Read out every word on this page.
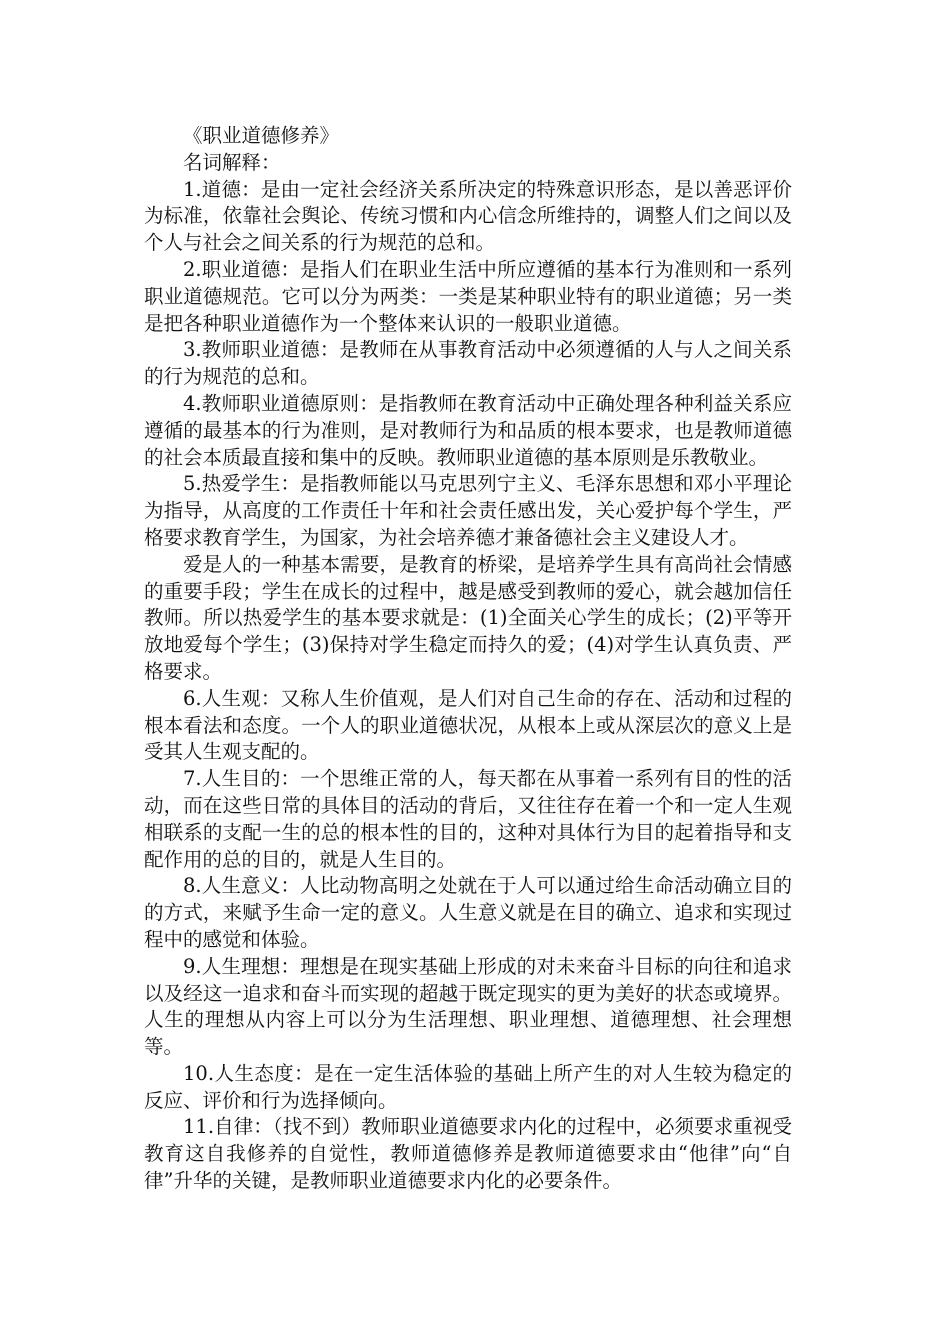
《职业道德修养》

名词解释：

1.道德：是由一定社会经济关系所决定的特殊意识形态，是以善恶评价为标准，依靠社会舆论、传统习惯和内心信念所维持的，调整人们之间以及个人与社会之间关系的行为规范的总和。

2.职业道德：是指人们在职业生活中所应遵循的基本行为准则和一系列职业道德规范。它可以分为两类：一类是某种职业特有的职业道德；另一类是把各种职业道德作为一个整体来认识的一般职业道德。

3.教师职业道德：是教师在从事教育活动中必须遵循的人与人之间关系的行为规范的总和。

4.教师职业道德原则：是指教师在教育活动中正确处理各种利益关系应遵循的最基本的行为准则，是对教师行为和品质的根本要求，也是教师道德的社会本质最直接和集中的反映。教师职业道德的基本原则是乐教敬业。

5.热爱学生：是指教师能以马克思列宁主义、毛泽东思想和邓小平理论为指导，从高度的工作责任十年和社会责任感出发，关心爱护每个学生，严格要求教育学生，为国家，为社会培养德才兼备德社会主义建设人才。

爱是人的一种基本需要，是教育的桥梁，是培养学生具有高尚社会情感的重要手段；学生在成长的过程中，越是感受到教师的爱心，就会越加信任教师。所以热爱学生的基本要求就是：(1)全面关心学生的成长；(2)平等开放地爱每个学生；(3)保持对学生稳定而持久的爱；(4)对学生认真负责、严格要求。

6.人生观：又称人生价值观，是人们对自己生命的存在、活动和过程的根本看法和态度。一个人的职业道德状况，从根本上或从深层次的意义上是受其人生观支配的。

7.人生目的：一个思维正常的人，每天都在从事着一系列有目的性的活动，而在这些日常的具体目的活动的背后，又往往存在着一个和一定人生观相联系的支配一生的总的根本性的目的，这种对具体行为目的起着指导和支配作用的总的目的，就是人生目的。

8.人生意义：人比动物高明之处就在于人可以通过给生命活动确立目的的方式，来赋予生命一定的意义。人生意义就是在目的确立、追求和实现过程中的感觉和体验。

9.人生理想：理想是在现实基础上形成的对未来奋斗目标的向往和追求以及经这一追求和奋斗而实现的超越于既定现实的更为美好的状态或境界。人生的理想从内容上可以分为生活理想、职业理想、道德理想、社会理想等。

10.人生态度：是在一定生活体验的基础上所产生的对人生较为稳定的反应、评价和行为选择倾向。

11.自律：（找不到）教师职业道德要求内化的过程中，必须要求重视受教育这自我修养的自觉性，教师道德修养是教师道德要求由“他律”向“自律”升华的关键，是教师职业道德要求内化的必要条件。
